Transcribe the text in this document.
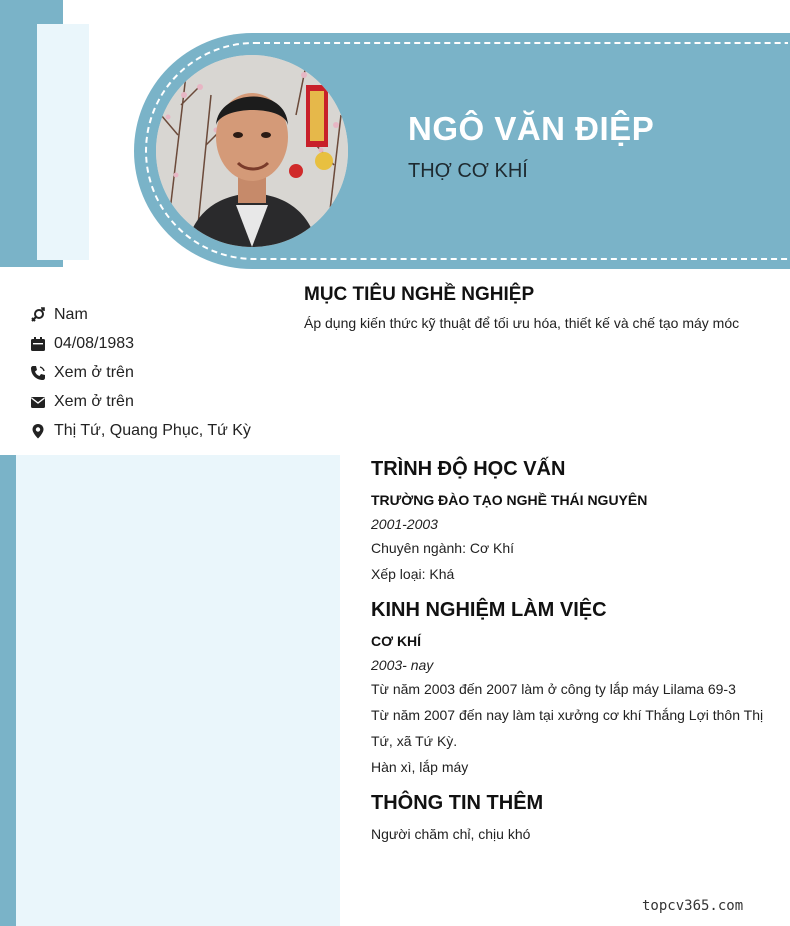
NGÔ VĂN ĐIỆP
THỢ CƠ KHÍ
Nam
04/08/1983
Xem ở trên
Xem ở trên
Thị Tứ, Quang Phục, Tứ Kỳ
MỤC TIÊU NGHỀ NGHIỆP
Áp dụng kiến thức kỹ thuật để tối ưu hóa, thiết kế và chế tạo máy móc
TRÌNH ĐỘ HỌC VẤN
TRƯỜNG ĐÀO TẠO NGHỀ THÁI NGUYÊN
2001-2003
Chuyên ngành: Cơ Khí
Xếp loại: Khá
KINH NGHIỆM LÀM VIỆC
CƠ KHÍ
2003- nay
Từ năm 2003 đến 2007 làm ở công ty lắp máy Lilama 69-3
Từ năm 2007 đến nay làm tại xưởng cơ khí Thắng Lợi thôn Thị Tứ, xã Tứ Kỳ.
Hàn xì, lắp máy
THÔNG TIN THÊM
Người chăm chỉ, chịu khó
topcv365.com
